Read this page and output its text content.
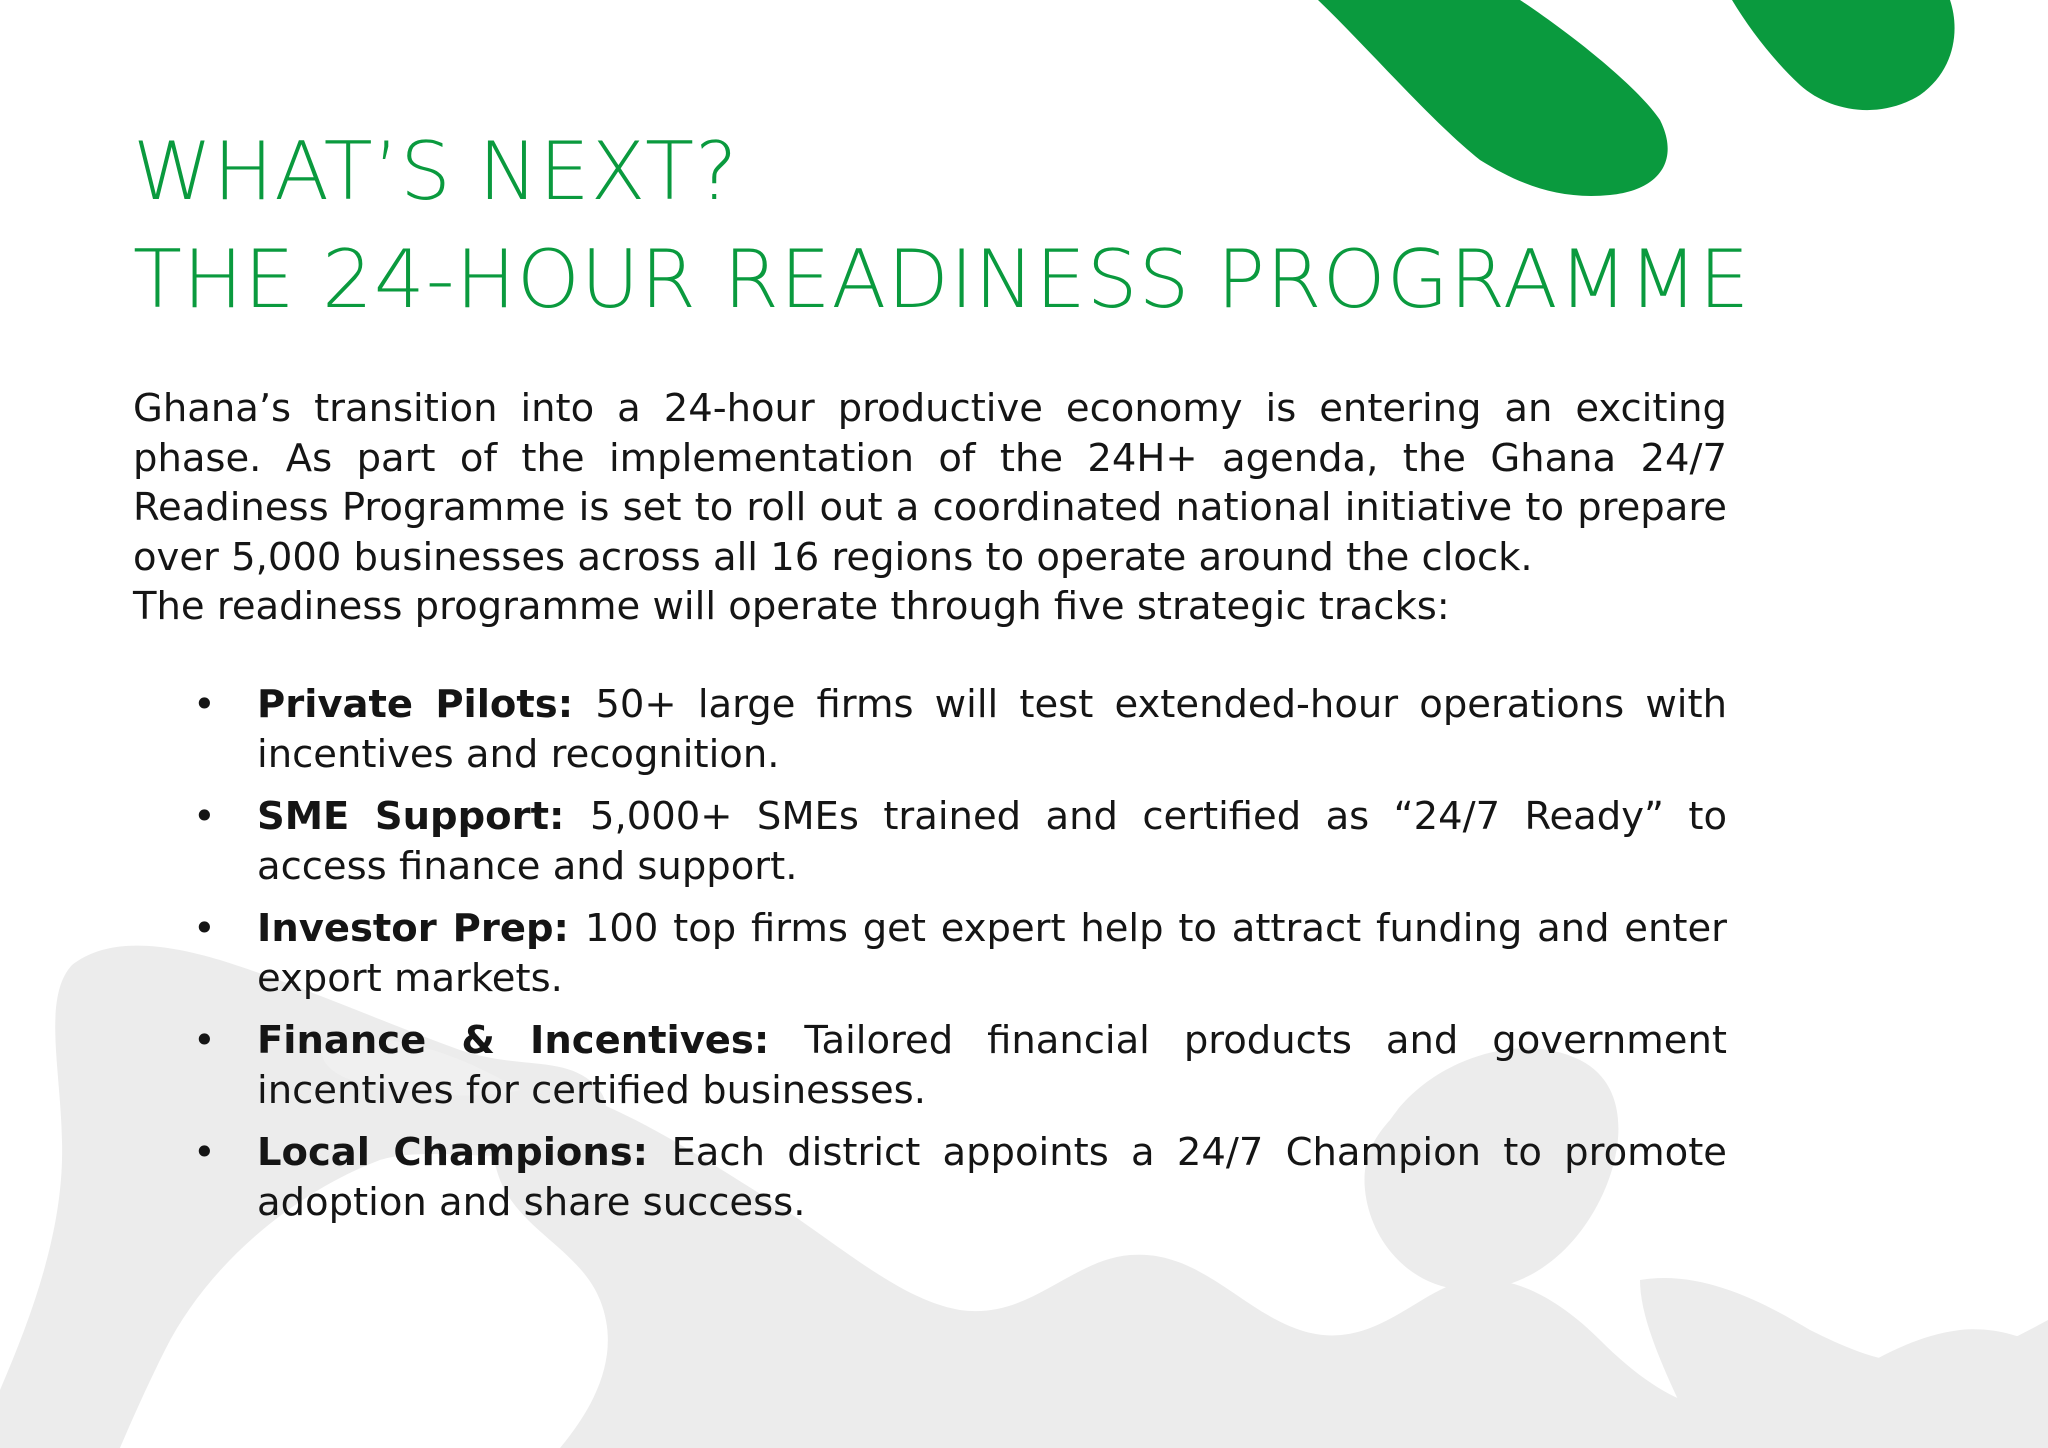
WHAT’S NEXT?
THE 24-HOUR READINESS PROGRAMME

Ghana’s transition into a 24-hour productive economy is entering an exciting phase. As part of the implementation of the 24H+ agenda, the Ghana 24/7 Readiness Programme is set to roll out a coordinated national initiative to prepare over 5,000 businesses across all 16 regions to operate around the clock.

The readiness programme will operate through five strategic tracks:

• Private Pilots: 50+ large firms will test extended-hour operations with incentives and recognition.
• SME Support: 5,000+ SMEs trained and certified as “24/7 Ready” to access finance and support.
• Investor Prep: 100 top firms get expert help to attract funding and enter export markets.
• Finance & Incentives: Tailored financial products and government incentives for certified businesses.
• Local Champions: Each district appoints a 24/7 Champion to promote adoption and share success.
